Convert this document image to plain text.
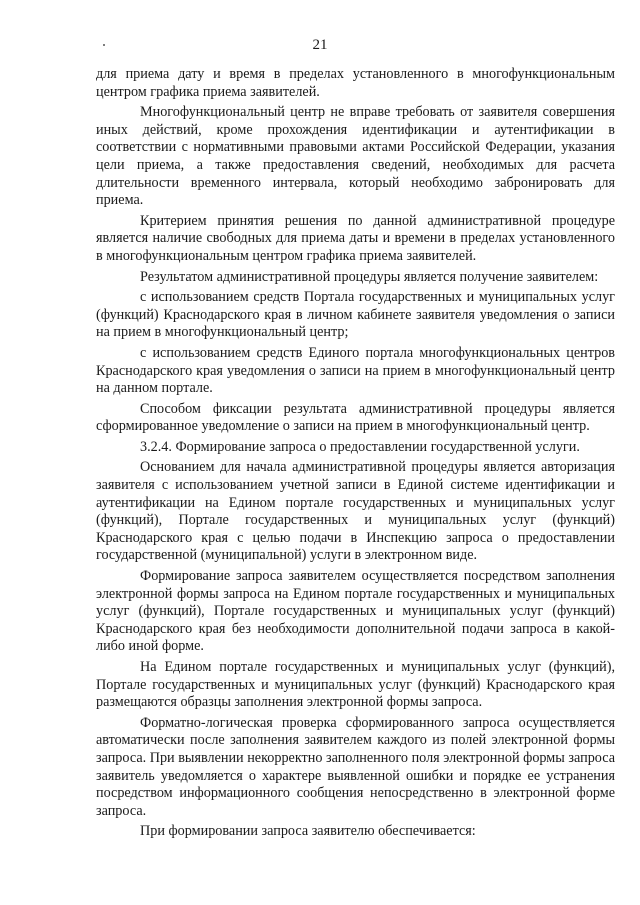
21

для приема дату и время в пределах установленного в многофункциональным центром графика приема заявителей.

Многофункциональный центр не вправе требовать от заявителя совершения иных действий, кроме прохождения идентификации и аутентификации в соответствии с нормативными правовыми актами Российской Федерации, указания цели приема, а также предоставления сведений, необходимых для расчета длительности временного интервала, который необходимо забронировать для приема.

Критерием принятия решения по данной административной процедуре является наличие свободных для приема даты и времени в пределах установленного в многофункциональным центром графика приема заявителей.

Результатом административной процедуры является получение заявителем:

с использованием средств Портала государственных и муниципальных услуг (функций) Краснодарского края в личном кабинете заявителя уведомления о записи на прием в многофункциональный центр;

с использованием средств Единого портала многофункциональных центров Краснодарского края уведомления о записи на прием в многофункциональный центр на данном портале.

Способом фиксации результата административной процедуры является сформированное уведомление о записи на прием в многофункциональный центр.

3.2.4. Формирование запроса о предоставлении государственной услуги.

Основанием для начала административной процедуры является авторизация заявителя с использованием учетной записи в Единой системе идентификации и аутентификации на Едином портале государственных и муниципальных услуг (функций), Портале государственных и муниципальных услуг (функций) Краснодарского края с целью подачи в Инспекцию запроса о предоставлении государственной (муниципальной) услуги в электронном виде.

Формирование запроса заявителем осуществляется посредством заполнения электронной формы запроса на Едином портале государственных и муниципальных услуг (функций), Портале государственных и муниципальных услуг (функций) Краснодарского края без необходимости дополнительной подачи запроса в какой-либо иной форме.

На Едином портале государственных и муниципальных услуг (функций), Портале государственных и муниципальных услуг (функций) Краснодарского края размещаются образцы заполнения электронной формы запроса.

Форматно-логическая проверка сформированного запроса осуществляется автоматически после заполнения заявителем каждого из полей электронной формы запроса. При выявлении некорректно заполненного поля электронной формы запроса заявитель уведомляется о характере выявленной ошибки и порядке ее устранения посредством информационного сообщения непосредственно в электронной форме запроса.

При формировании запроса заявителю обеспечивается:
